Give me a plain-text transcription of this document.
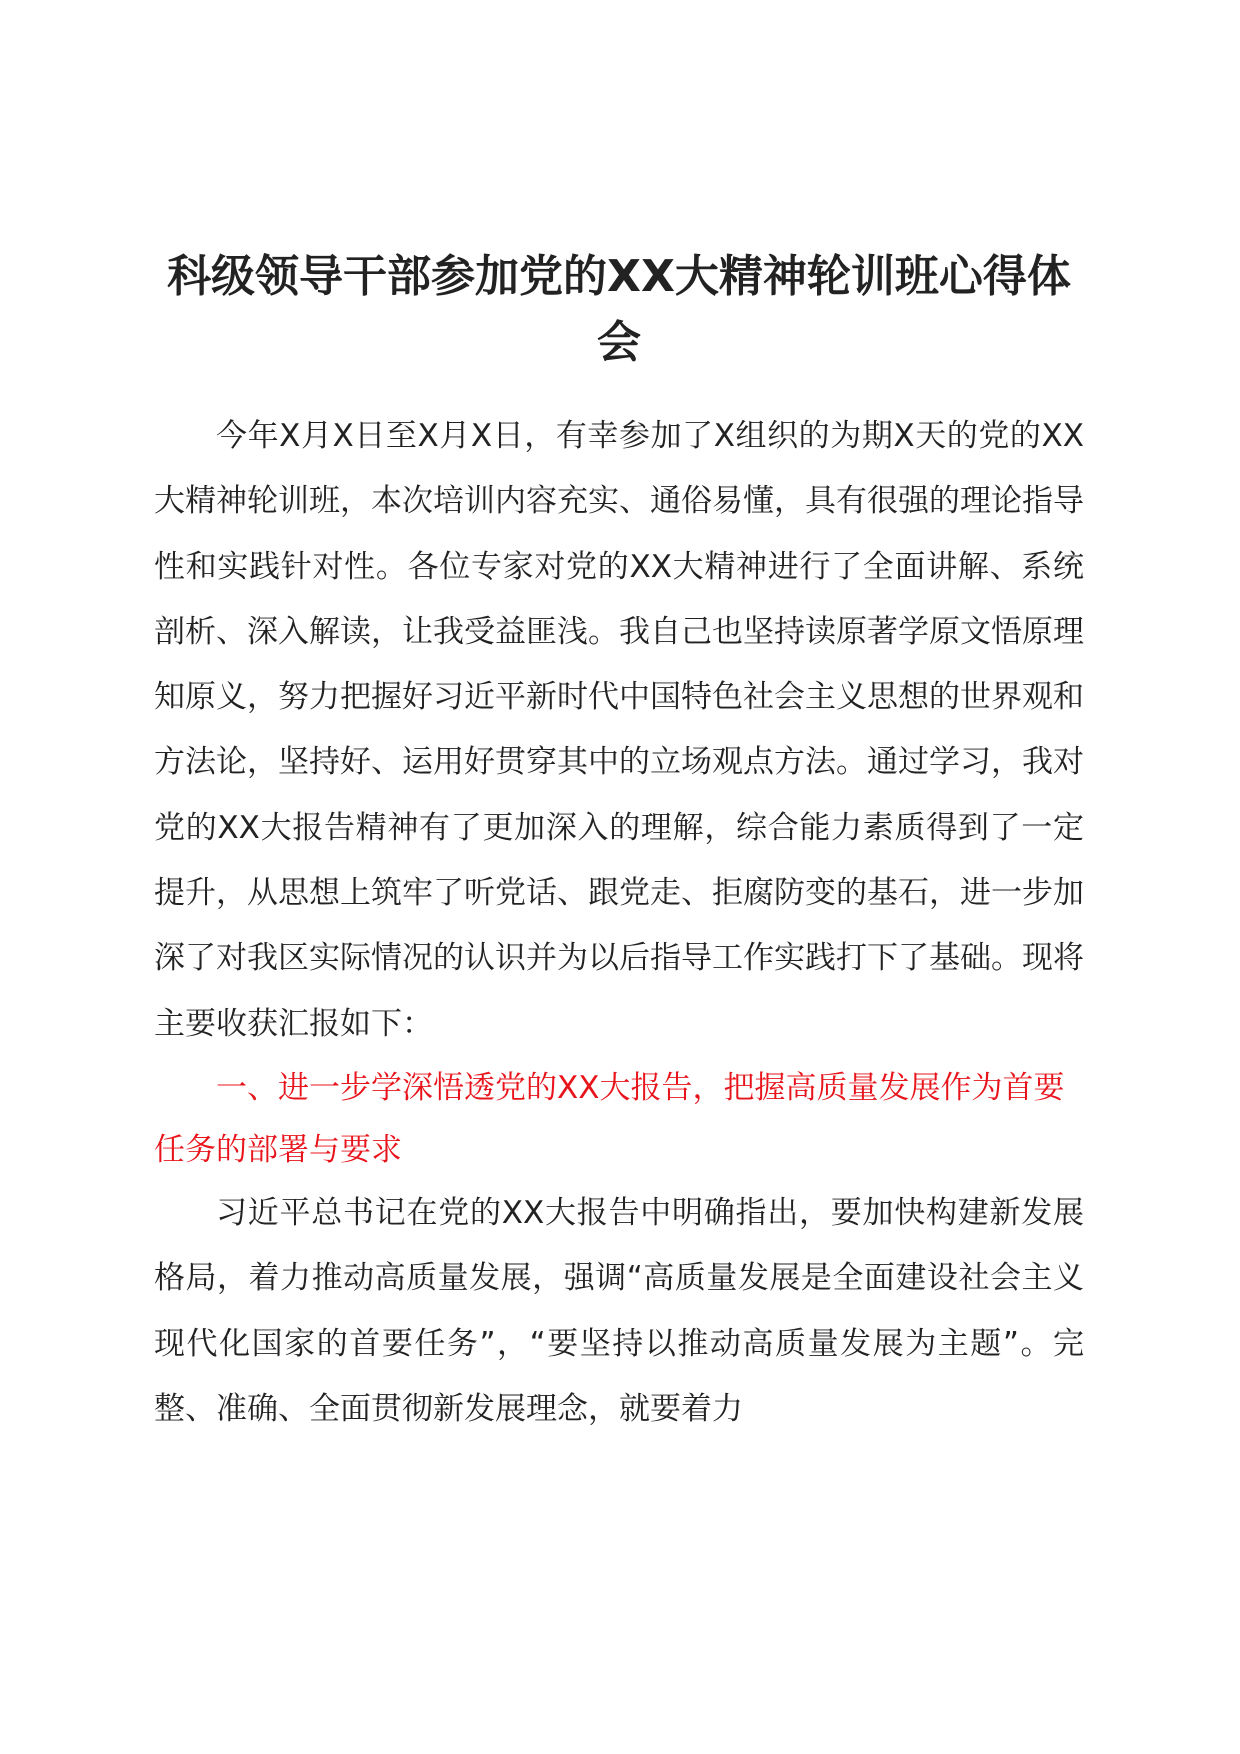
科级领导干部参加党的XX大精神轮训班心得体会

今年X月X日至X月X日，有幸参加了X组织的为期X天的党的XX大精神轮训班，本次培训内容充实、通俗易懂，具有很强的理论指导性和实践针对性。各位专家对党的XX大精神进行了全面讲解、系统剖析、深入解读，让我受益匪浅。我自己也坚持读原著学原文悟原理知原义，努力把握好习近平新时代中国特色社会主义思想的世界观和方法论，坚持好、运用好贯穿其中的立场观点方法。通过学习，我对党的XX大报告精神有了更加深入的理解，综合能力素质得到了一定提升，从思想上筑牢了听党话、跟党走、拒腐防变的基石，进一步加深了对我区实际情况的认识并为以后指导工作实践打下了基础。现将主要收获汇报如下：

一、进一步学深悟透党的XX大报告，把握高质量发展作为首要任务的部署与要求

习近平总书记在党的XX大报告中明确指出，要加快构建新发展格局，着力推动高质量发展，强调“高质量发展是全面建设社会主义现代化国家的首要任务”，“要坚持以推动高质量发展为主题”。完整、准确、全面贯彻新发展理念，就要着力
